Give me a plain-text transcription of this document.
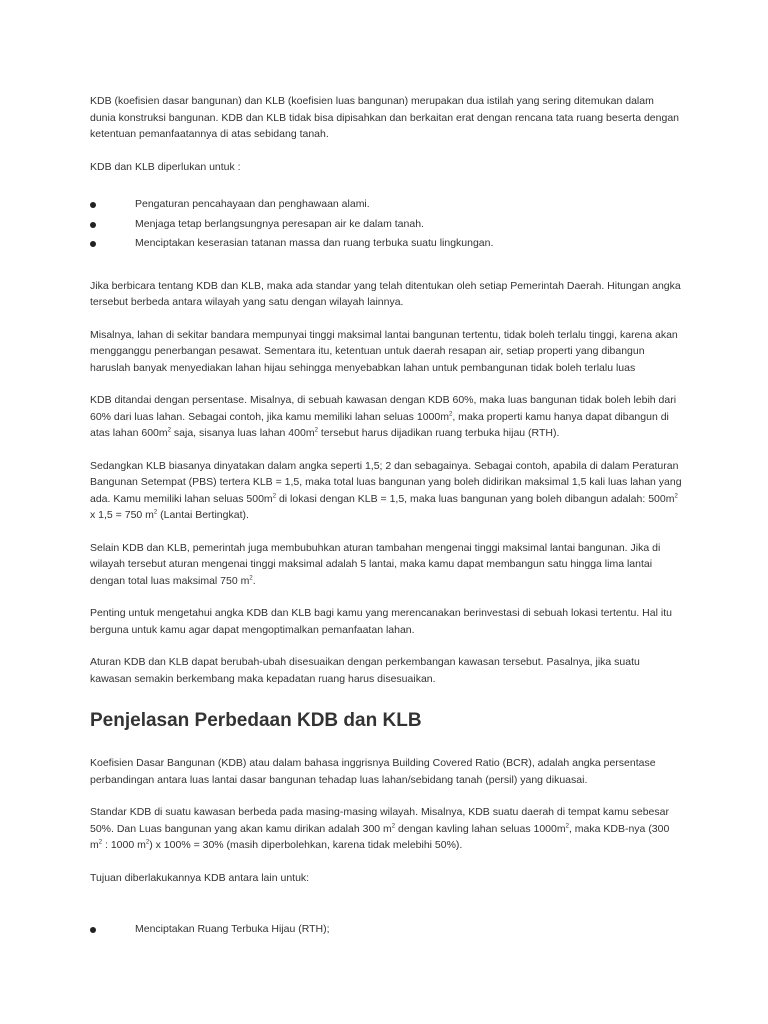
KDB (koefisien dasar bangunan) dan KLB (koefisien luas bangunan) merupakan dua istilah yang sering ditemukan dalam dunia konstruksi bangunan. KDB dan KLB tidak bisa dipisahkan dan berkaitan erat dengan rencana tata ruang beserta dengan ketentuan pemanfaatannya di atas sebidang tanah.

KDB dan KLB diperlukan untuk :

Pengaturan pencahayaan dan penghawaan alami.
Menjaga tetap berlangsungnya peresapan air ke dalam tanah.
Menciptakan keserasian tatanan massa dan ruang terbuka suatu lingkungan.

Jika berbicara tentang KDB dan KLB, maka ada standar yang telah ditentukan oleh setiap Pemerintah Daerah. Hitungan angka tersebut berbeda antara wilayah yang satu dengan wilayah lainnya.

Misalnya, lahan di sekitar bandara mempunyai tinggi maksimal lantai bangunan tertentu, tidak boleh terlalu tinggi, karena akan mengganggu penerbangan pesawat. Sementara itu, ketentuan untuk daerah resapan air, setiap properti yang dibangun haruslah banyak menyediakan lahan hijau sehingga menyebabkan lahan untuk pembangunan tidak boleh terlalu luas

KDB ditandai dengan persentase. Misalnya, di sebuah kawasan dengan KDB 60%, maka luas bangunan tidak boleh lebih dari 60% dari luas lahan. Sebagai contoh, jika kamu memiliki lahan seluas $1000m^2$, maka properti kamu hanya dapat dibangun di atas lahan $600m^2$ saja, sisanya luas lahan $400m^2$ tersebut harus dijadikan ruang terbuka hijau (RTH).

Sedangkan KLB biasanya dinyatakan dalam angka seperti 1,5; 2 dan sebagainya. Sebagai contoh, apabila di dalam Peraturan Bangunan Setempat (PBS) tertera KLB = 1,5, maka total luas bangunan yang boleh didirikan maksimal 1,5 kali luas lahan yang ada. Kamu memiliki lahan seluas $500m^2$ di lokasi dengan KLB = 1,5, maka luas bangunan yang boleh dibangun adalah: $500m^2$ x 1,5 = 750 $m^2$ (Lantai Bertingkat).

Selain KDB dan KLB, pemerintah juga membubuhkan aturan tambahan mengenai tinggi maksimal lantai bangunan. Jika di wilayah tersebut aturan mengenai tinggi maksimal adalah 5 lantai, maka kamu dapat membangun satu hingga lima lantai dengan total luas maksimal 750 $m^2$.

Penting untuk mengetahui angka KDB dan KLB bagi kamu yang merencanakan berinvestasi di sebuah lokasi tertentu. Hal itu berguna untuk kamu agar dapat mengoptimalkan pemanfaatan lahan.

Aturan KDB dan KLB dapat berubah-ubah disesuaikan dengan perkembangan kawasan tersebut. Pasalnya, jika suatu kawasan semakin berkembang maka kepadatan ruang harus disesuaikan.

Penjelasan Perbedaan KDB dan KLB

Koefisien Dasar Bangunan (KDB) atau dalam bahasa inggrisnya Building Covered Ratio (BCR), adalah angka persentase perbandingan antara luas lantai dasar bangunan tehadap luas lahan/sebidang tanah (persil) yang dikuasai.

Standar KDB di suatu kawasan berbeda pada masing-masing wilayah. Misalnya, KDB suatu daerah di tempat kamu sebesar 50%. Dan Luas bangunan yang akan kamu dirikan adalah 300 $m^2$ dengan kavling lahan seluas $1000m^2$, maka KDB-nya (300 $m^2$ : 1000 $m^2$) x 100% = 30% (masih diperbolehkan, karena tidak melebihi 50%).

Tujuan diberlakukannya KDB antara lain untuk:

Menciptakan Ruang Terbuka Hijau (RTH);
